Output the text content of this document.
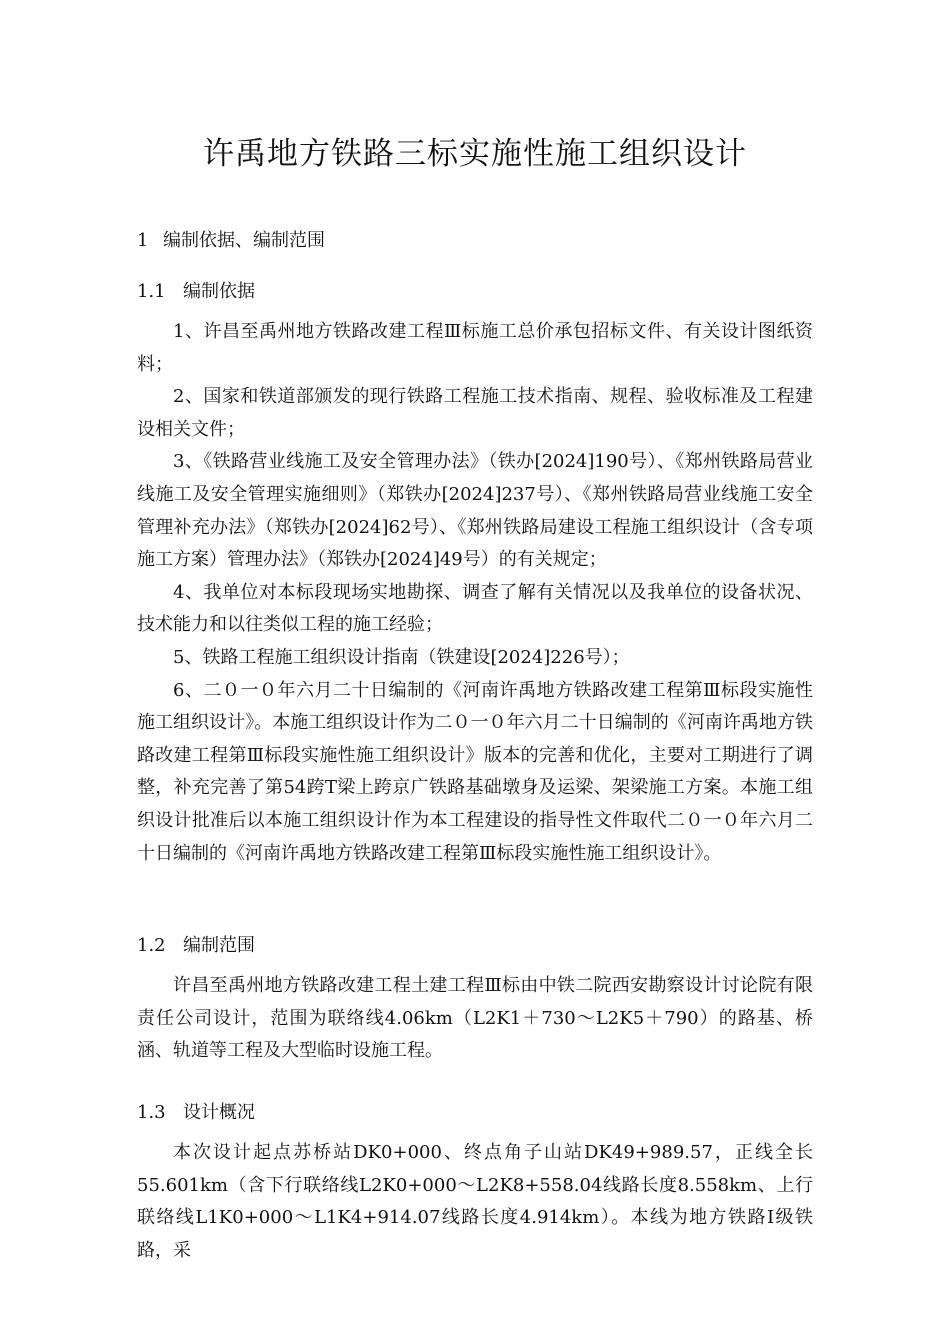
许禹地方铁路三标实施性施工组织设计
1 编制依据、编制范围
1.1 编制依据

1、许昌至禹州地方铁路改建工程Ⅲ标施工总价承包招标文件、有关设计图纸资料；

2、国家和铁道部颁发的现行铁路工程施工技术指南、规程、验收标准及工程建设相关文件；

3、《铁路营业线施工及安全管理办法》（铁办[2024]190号）、《郑州铁路局营业线施工及安全管理实施细则》（郑铁办[2024]237号）、《郑州铁路局营业线施工安全管理补充办法》（郑铁办[2024]62号）、《郑州铁路局建设工程施工组织设计（含专项施工方案）管理办法》（郑铁办[2024]49号）的有关规定；

4、我单位对本标段现场实地勘探、调查了解有关情况以及我单位的设备状况、技术能力和以往类似工程的施工经验；

5、铁路工程施工组织设计指南（铁建设[2024]226号）；

6、二０一０年六月二十日编制的《河南许禹地方铁路改建工程第Ⅲ标段实施性施工组织设计》。本施工组织设计作为二０一０年六月二十日编制的《河南许禹地方铁路改建工程第Ⅲ标段实施性施工组织设计》版本的完善和优化，主要对工期进行了调整，补充完善了第54跨T梁上跨京广铁路基础墩身及运梁、架梁施工方案。本施工组织设计批准后以本施工组织设计作为本工程建设的指导性文件取代二０一０年六月二十日编制的《河南许禹地方铁路改建工程第Ⅲ标段实施性施工组织设计》。

1.2 编制范围

许昌至禹州地方铁路改建工程土建工程Ⅲ标由中铁二院西安勘察设计讨论院有限责任公司设计，范围为联络线4.06km（L2K1＋730～L2K5＋790）的路基、桥涵、轨道等工程及大型临时设施工程。

1.3 设计概况

本次设计起点苏桥站DK0+000、终点角子山站DK49+989.57，正线全长55.601km（含下行联络线L2K0+000～L2K8+558.04线路长度8.558km、上行联络线L1K0+000～L1K4+914.07线路长度4.914km）。本线为地方铁路Ⅰ级铁路，采
